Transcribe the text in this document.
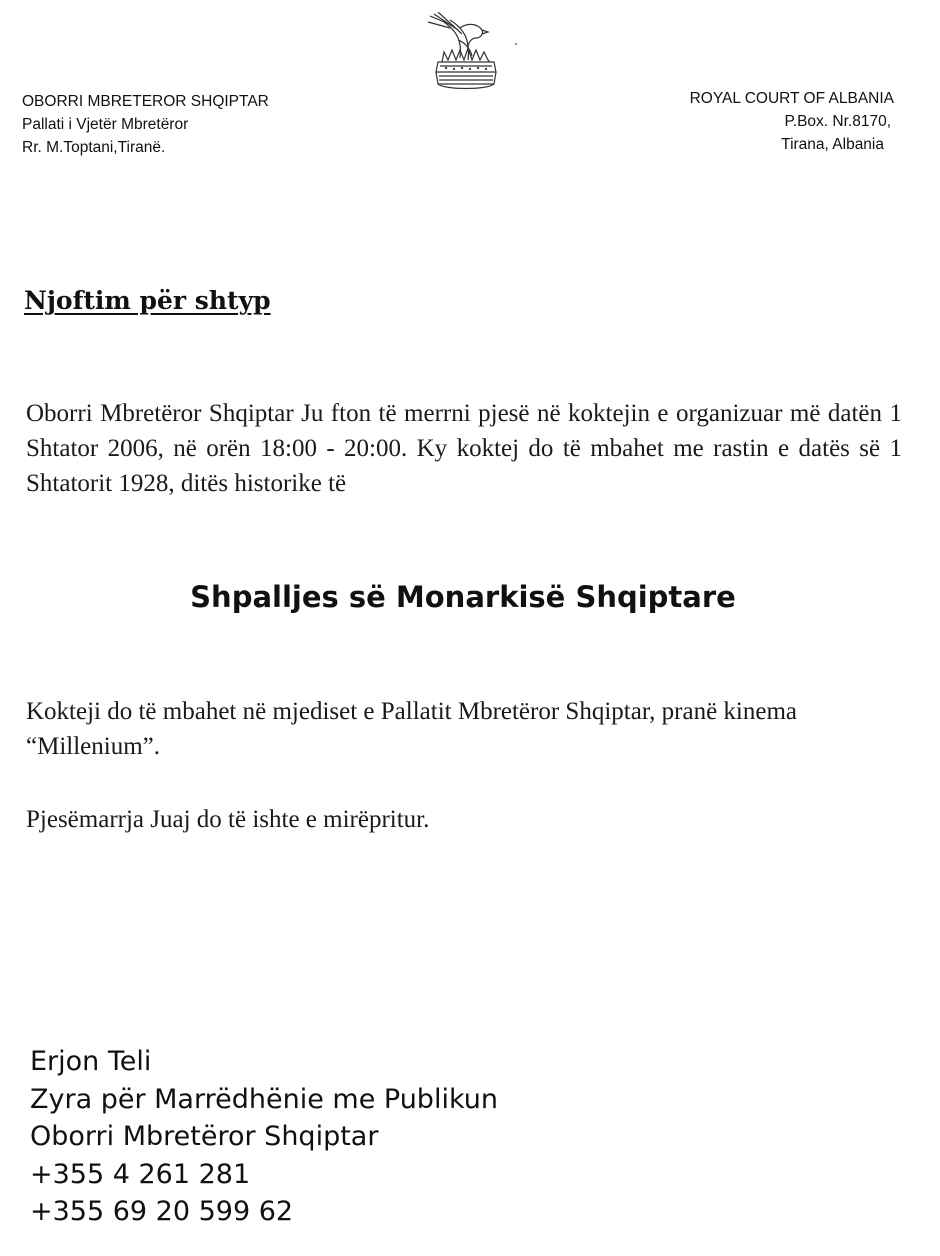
OBORRI MBRETEROR SHQIPTAR
Pallati i Vjetër Mbretëror
Rr. M.Toptani,Tiranë.
ROYAL COURT OF ALBANIA
P.Box. Nr.8170,
Tirana, Albania
Njoftim për shtyp
Oborri Mbretëror Shqiptar Ju fton të merrni pjesë në koktejin e organizuar më datën 1 Shtator 2006, në orën 18:00 - 20:00. Ky koktej do të mbahet me rastin e datës së 1 Shtatorit 1928, ditës historike të
Shpalljes së Monarkisë Shqiptare
Kokteji do të mbahet në mjediset e Pallatit Mbretëror Shqiptar, pranë kinema “Millenium”.
Pjesëmarrja Juaj do të ishte e mirëpritur.
Erjon Teli
Zyra për Marrëdhënie me Publikun
Oborri Mbretëror Shqiptar
+355 4 261 281
+355 69 20 599 62
